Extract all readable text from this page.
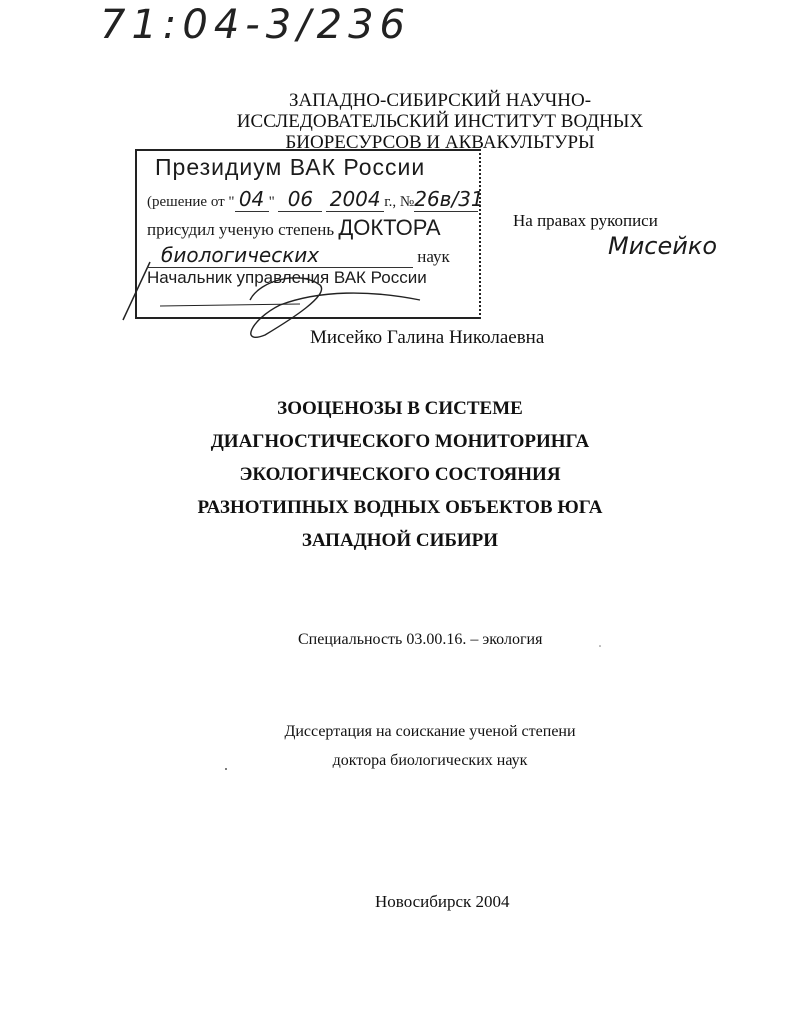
71:04-3/236
ЗАПАДНО-СИБИРСКИЙ НАУЧНО-
ИССЛЕДОВАТЕЛЬСКИЙ ИНСТИТУТ ВОДНЫХ
БИОРЕСУРСОВ И АКВАКУЛЬТУРЫ
Президиум ВАК России
(решение от " 04 " 06 2004 г., №26в/31
присудил ученую степень ДОКТОРА
биологических	наук
Начальник управления ВАК России
На правах рукописи
Мисейко
Мисейко Галина Николаевна
ЗООЦЕНОЗЫ В СИСТЕМЕ
ДИАГНОСТИЧЕСКОГО МОНИТОРИНГА
ЭКОЛОГИЧЕСКОГО СОСТОЯНИЯ
РАЗНОТИПНЫХ ВОДНЫХ ОБЪЕКТОВ ЮГА
ЗАПАДНОЙ СИБИРИ
Специальность 03.00.16. – экология
Диссертация на соискание ученой степени
доктора биологических наук
Новосибирск 2004
